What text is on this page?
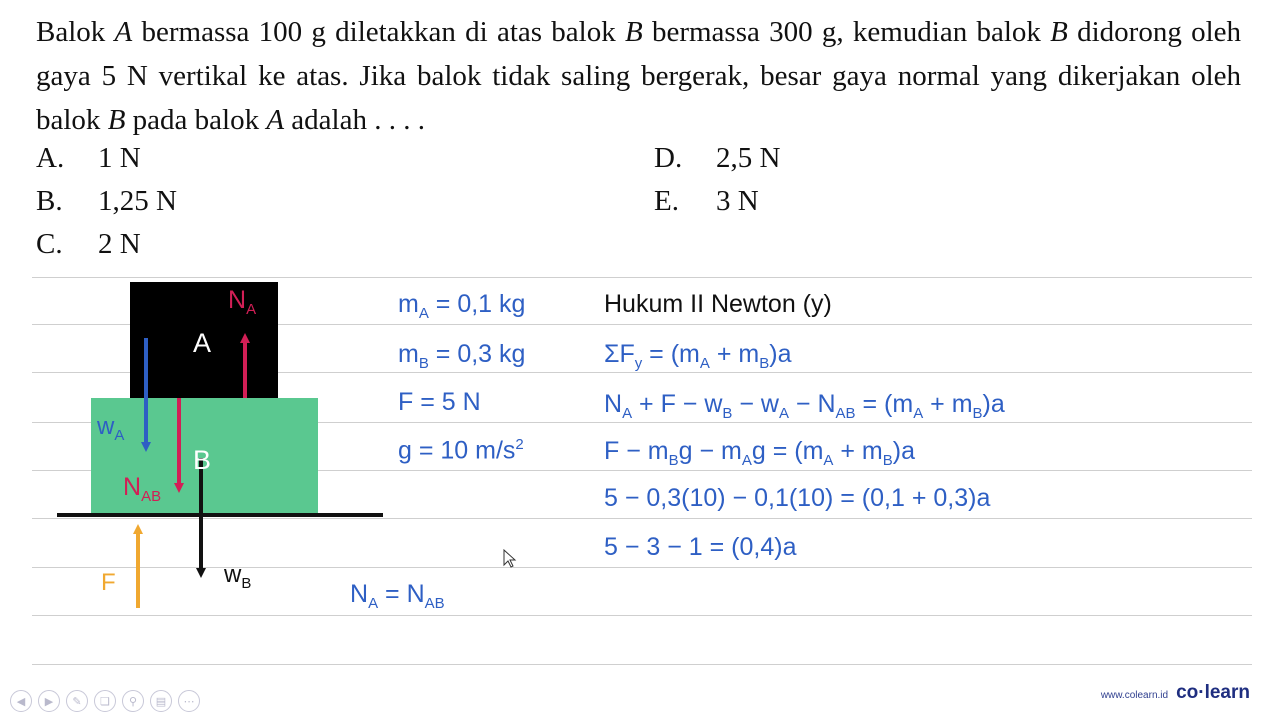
Balok A bermassa 100 g diletakkan di atas balok B bermassa 300 g, kemudian balok B didorong oleh gaya 5 N vertikal ke atas. Jika balok tidak saling bergerak, besar gaya normal yang dikerjakan oleh balok B pada balok A adalah . . . .

A. 1 N
B. 1,25 N
C. 2 N
D. 2,5 N
E. 3 N
A
B
$N_A$
$w_A$
$N_{AB}$
$w_B$
F
$m_A = 0,1$ kg
$m_B = 0,3$ kg
F = 5 N
g = 10 $m/s^2$
Hukum II Newton (y)
$\Sigma F_y = (m_A + m_B)a$
$N_A + F - w_B - w_A - N_{AB} = (m_A + m_B)a$
$F - m_Bg - m_Ag = (m_A + m_B)a$
5 − 0,3(10) − 0,1(10) = (0,1 + 0,3)a
5 − 3 − 1 = (0,4)a
$N_A = N_{AB}$
◀	▶	✎	❏	⚲	▤	⋯	www.colearn.id co·learn
